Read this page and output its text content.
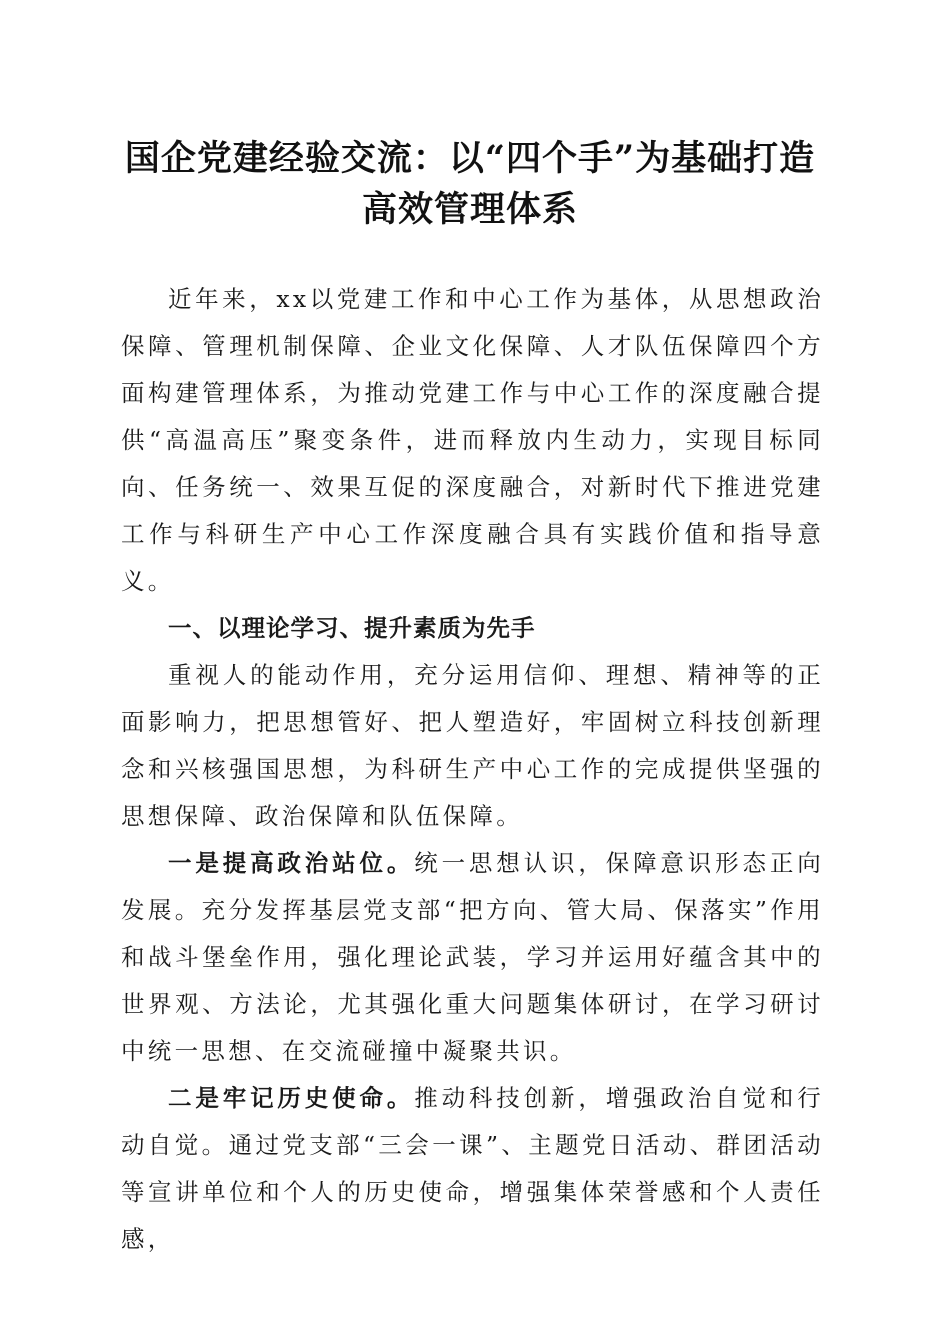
国企党建经验交流：以“四个手”为基础打造
高效管理体系

近年来，xx以党建工作和中心工作为基体，从思想政治保障、管理机制保障、企业文化保障、人才队伍保障四个方面构建管理体系，为推动党建工作与中心工作的深度融合提供“高温高压”聚变条件，进而释放内生动力，实现目标同向、任务统一、效果互促的深度融合，对新时代下推进党建工作与科研生产中心工作深度融合具有实践价值和指导意义。

一、以理论学习、提升素质为先手

重视人的能动作用，充分运用信仰、理想、精神等的正面影响力，把思想管好、把人塑造好，牢固树立科技创新理念和兴核强国思想，为科研生产中心工作的完成提供坚强的思想保障、政治保障和队伍保障。

一是提高政治站位。统一思想认识，保障意识形态正向发展。充分发挥基层党支部“把方向、管大局、保落实”作用和战斗堡垒作用，强化理论武装，学习并运用好蕴含其中的世界观、方法论，尤其强化重大问题集体研讨，在学习研讨中统一思想、在交流碰撞中凝聚共识。

二是牢记历史使命。推动科技创新，增强政治自觉和行动自觉。通过党支部“三会一课”、主题党日活动、群团活动等宣讲单位和个人的历史使命，增强集体荣誉感和个人责任感，
